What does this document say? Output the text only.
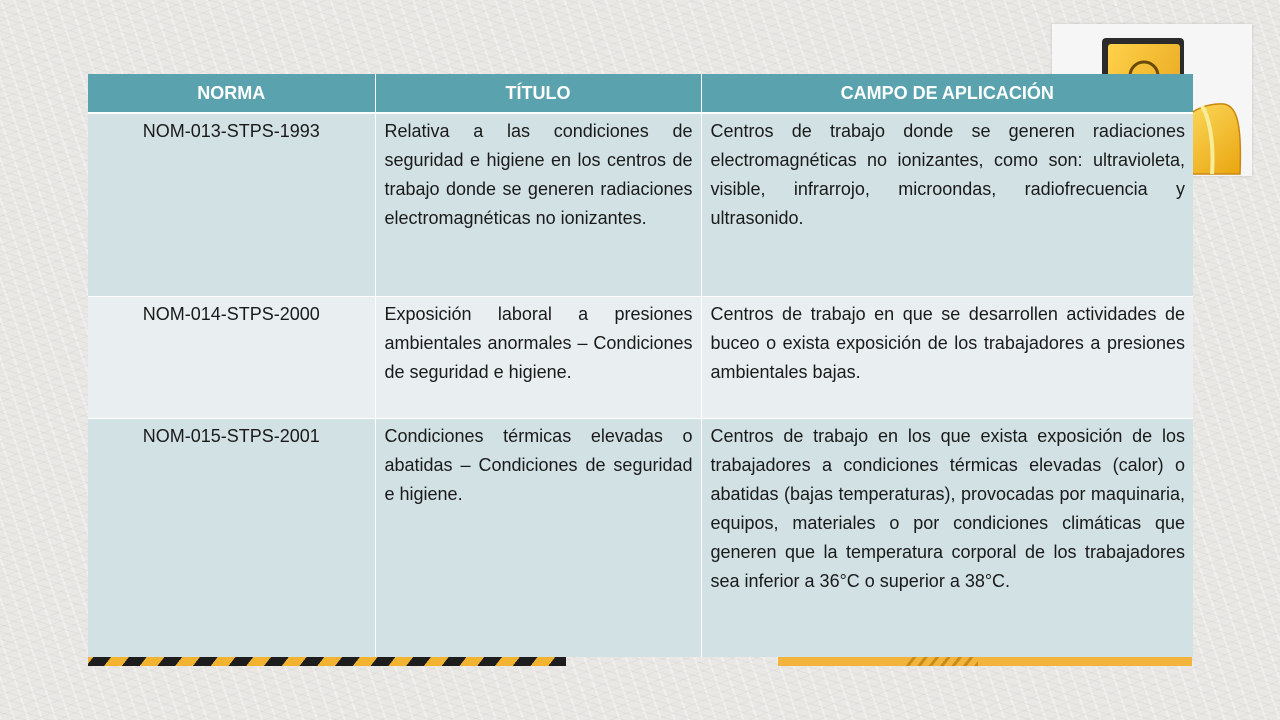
NORMA	TÍTULO	CAMPO DE APLICACIÓN
NOM-013-STPS-1993	Relativa a las condiciones de seguridad e higiene en los centros de trabajo donde se generen radiaciones electromagnéticas no ionizantes.	Centros de trabajo donde se generen radiaciones electromagnéticas no ionizantes, como son: ultravioleta, visible, infrarrojo, microondas, radiofrecuencia y ultrasonido.
NOM-014-STPS-2000	Exposición laboral a presiones ambientales anormales – Condiciones de seguridad e higiene.	Centros de trabajo en que se desarrollen actividades de buceo o exista exposición de los trabajadores a presiones ambientales bajas.
NOM-015-STPS-2001	Condiciones térmicas elevadas o abatidas – Condiciones de seguridad e higiene.	Centros de trabajo en los que exista exposición de los trabajadores a condiciones térmicas elevadas (calor) o abatidas (bajas temperaturas), provocadas por maquinaria, equipos, materiales o por condiciones climáticas que generen que la temperatura corporal de los trabajadores sea inferior a 36°C o superior a 38°C.
